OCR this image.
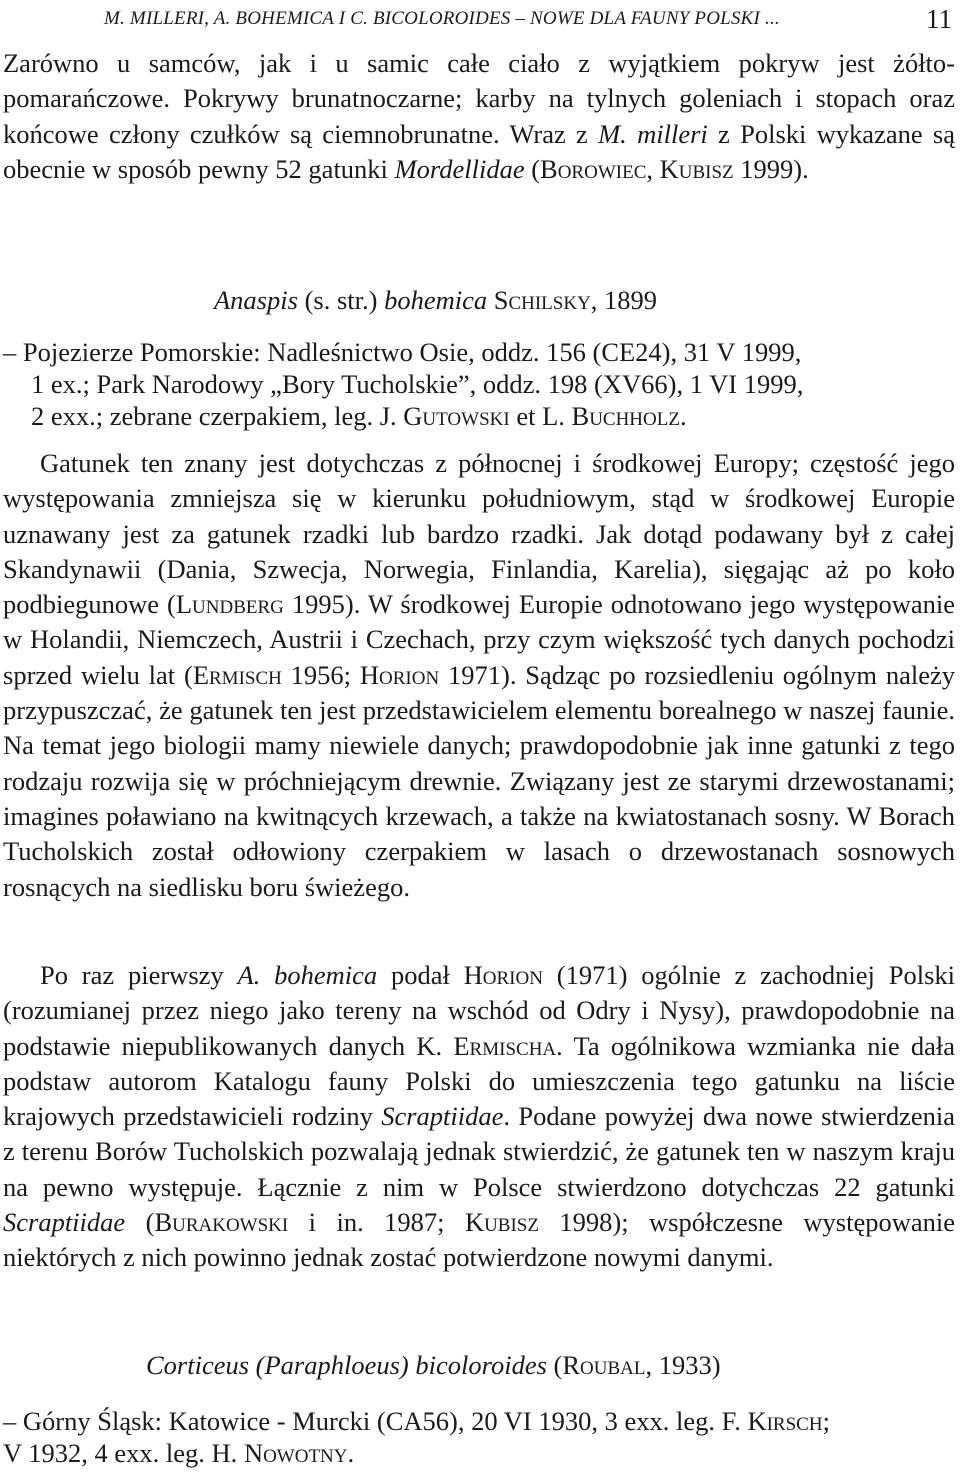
M. MILLERI, A. BOHEMICA I C. BICOLOROIDES – NOWE DLA FAUNY POLSKI ...	11

Zarówno u samców, jak i u samic całe ciało z wyjątkiem pokryw jest żółto-pomarańczowe. Pokrywy brunatnoczarne; karby na tylnych goleniach i stopach oraz końcowe człony czułków są ciemnobrunatne. Wraz z M. milleri z Polski wykazane są obecnie w sposób pewny 52 gatunki Mordellidae (Borowiec, Kubisz 1999).

Anaspis (s. str.) bohemica Schilsky, 1899

– Pojezierze Pomorskie: Nadleśnictwo Osie, oddz. 156 (CE24), 31 V 1999,
1 ex.; Park Narodowy „Bory Tucholskie”, oddz. 198 (XV66), 1 VI 1999,
2 exx.; zebrane czerpakiem, leg. J. Gutowski et L. Buchholz.

Gatunek ten znany jest dotychczas z północnej i środkowej Europy; częstość jego występowania zmniejsza się w kierunku południowym, stąd w środkowej Europie uznawany jest za gatunek rzadki lub bardzo rzadki. Jak dotąd podawany był z całej Skandynawii (Dania, Szwecja, Norwegia, Finlandia, Karelia), sięgając aż po koło podbiegunowe (Lundberg 1995). W środkowej Europie odnotowano jego występowanie w Holandii, Niemczech, Austrii i Czechach, przy czym większość tych danych pochodzi sprzed wielu lat (Ermisch 1956; Horion 1971). Sądząc po rozsiedleniu ogólnym należy przypuszczać, że gatunek ten jest przedstawicielem elementu borealnego w naszej faunie. Na temat jego biologii mamy niewiele danych; prawdopodobnie jak inne gatunki z tego rodzaju rozwija się w próchniejącym drewnie. Związany jest ze starymi drzewostanami; imagines poławiano na kwitnących krzewach, a także na kwiatostanach sosny. W Borach Tucholskich został odłowiony czerpakiem w lasach o drzewostanach sosnowych rosnących na siedlisku boru świeżego.

Po raz pierwszy A. bohemica podał Horion (1971) ogólnie z zachodniej Polski (rozumianej przez niego jako tereny na wschód od Odry i Nysy), prawdopodobnie na podstawie niepublikowanych danych K. Ermischa. Ta ogólnikowa wzmianka nie dała podstaw autorom Katalogu fauny Polski do umieszczenia tego gatunku na liście krajowych przedstawicieli rodziny Scraptiidae. Podane powyżej dwa nowe stwierdzenia z terenu Borów Tucholskich pozwalają jednak stwierdzić, że gatunek ten w naszym kraju na pewno występuje. Łącznie z nim w Polsce stwierdzono dotychczas 22 gatunki Scraptiidae (Burakowski i in. 1987; Kubisz 1998); współczesne występowanie niektórych z nich powinno jednak zostać potwierdzone nowymi danymi.

Corticeus (Paraphloeus) bicoloroides (Roubal, 1933)

– Górny Śląsk: Katowice - Murcki (CA56), 20 VI 1930, 3 exx. leg. F. Kirsch;
V 1932, 4 exx. leg. H. Nowotny.
